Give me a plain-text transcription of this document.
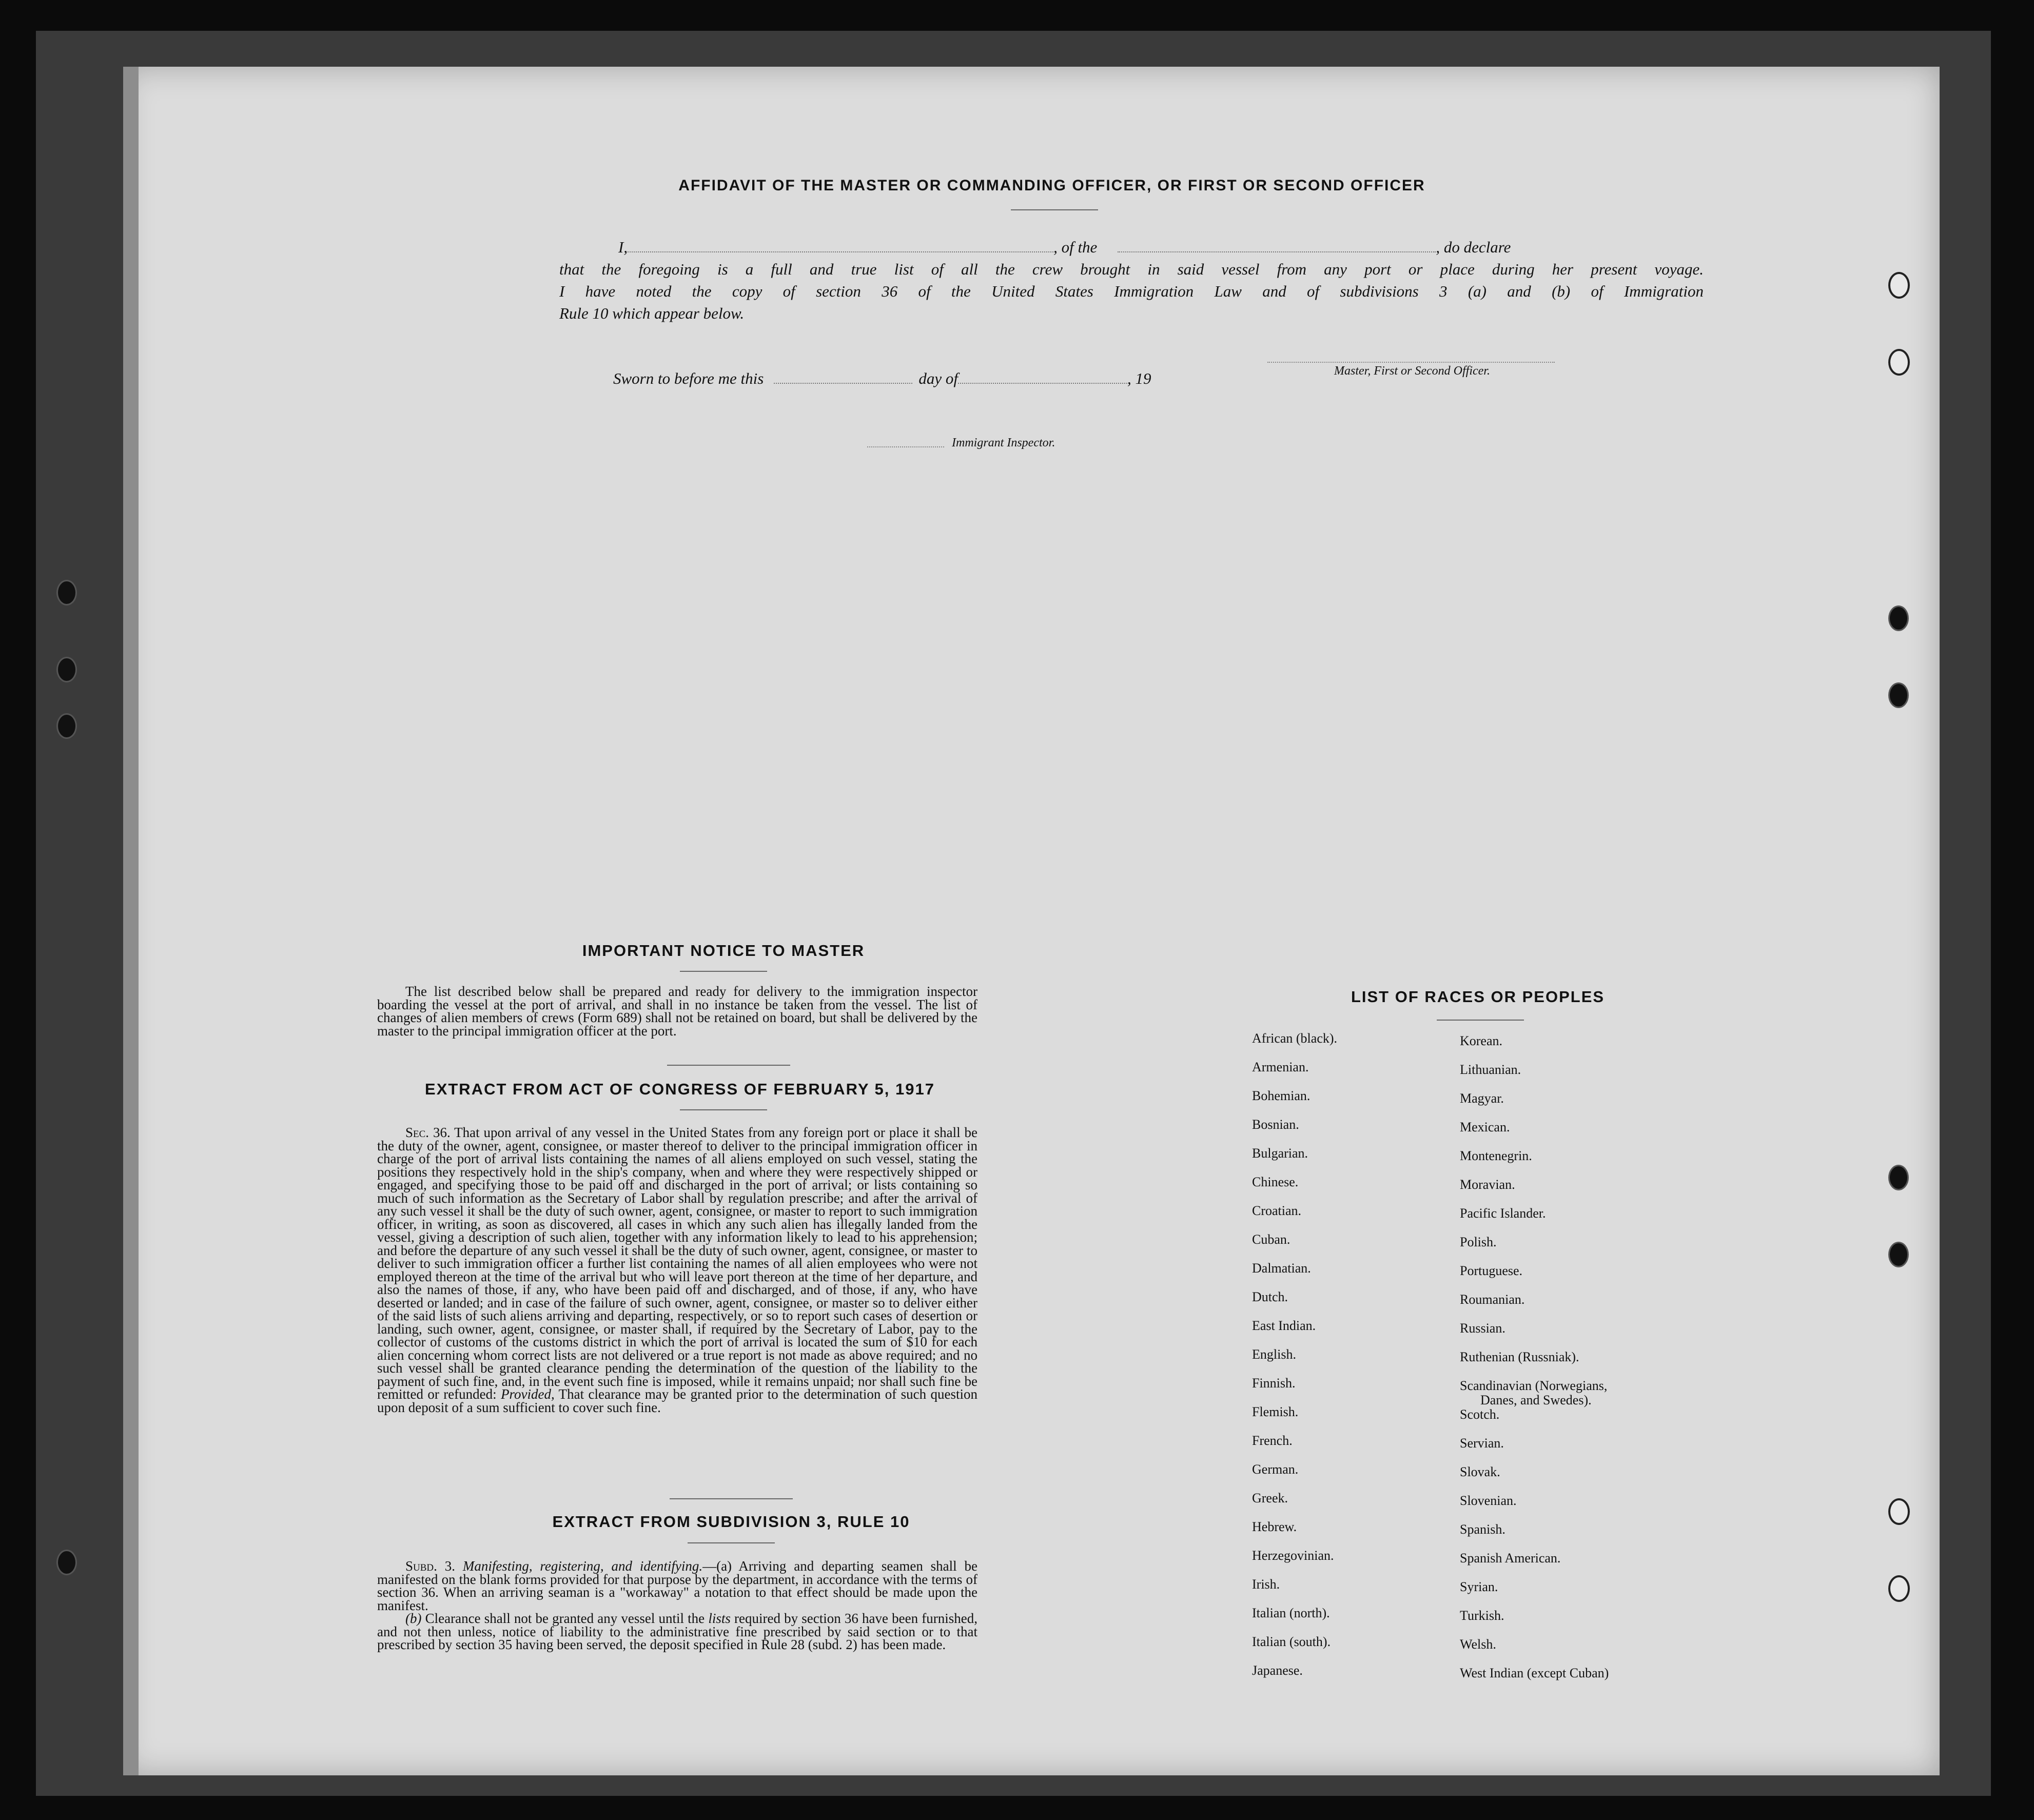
AFFIDAVIT OF THE MASTER OR COMMANDING OFFICER, OR FIRST OR SECOND OFFICER
I,	, of the	, do declare
that the foregoing is a full and true list of all the crew brought in said vessel from any port or place during her present voyage.
I have noted the copy of section 36 of the United States Immigration Law and of subdivisions 3 (a) and (b) of Immigration
Rule 10 which appear below.
Master, First or Second Officer.
Sworn to before me this	day of	, 19
Immigrant Inspector.
IMPORTANT NOTICE TO MASTER
The list described below shall be prepared and ready for delivery to the immigration inspector boarding the vessel at the port of arrival, and shall in no instance be taken from the vessel. The list of changes of alien members of crews (Form 689) shall not be retained on board, but shall be delivered by the master to the principal immigration officer at the port.
EXTRACT FROM ACT OF CONGRESS OF FEBRUARY 5, 1917
Sec. 36. That upon arrival of any vessel in the United States from any foreign port or place it shall be the duty of the owner, agent, consignee, or master thereof to deliver to the principal immigration officer in charge of the port of arrival lists containing the names of all aliens employed on such vessel, stating the positions they respectively hold in the ship's company, when and where they were respectively shipped or engaged, and specifying those to be paid off and discharged in the port of arrival; or lists containing so much of such information as the Secretary of Labor shall by regulation prescribe; and after the arrival of any such vessel it shall be the duty of such owner, agent, consignee, or master to report to such immigration officer, in writing, as soon as discovered, all cases in which any such alien has illegally landed from the vessel, giving a description of such alien, together with any information likely to lead to his apprehension; and before the departure of any such vessel it shall be the duty of such owner, agent, consignee, or master to deliver to such immigration officer a further list containing the names of all alien employees who were not employed thereon at the time of the arrival but who will leave port thereon at the time of her departure, and also the names of those, if any, who have been paid off and discharged, and of those, if any, who have deserted or landed; and in case of the failure of such owner, agent, consignee, or master so to deliver either of the said lists of such aliens arriving and departing, respectively, or so to report such cases of desertion or landing, such owner, agent, consignee, or master shall, if required by the Secretary of Labor, pay to the collector of customs of the customs district in which the port of arrival is located the sum of $10 for each alien concerning whom correct lists are not delivered or a true report is not made as above required; and no such vessel shall be granted clearance pending the determination of the question of the liability to the payment of such fine, and, in the event such fine is imposed, while it remains unpaid; nor shall such fine be remitted or refunded: Provided, That clearance may be granted prior to the determination of such question upon deposit of a sum sufficient to cover such fine.
EXTRACT FROM SUBDIVISION 3, RULE 10
Subd. 3. Manifesting, registering, and identifying.—(a) Arriving and departing seamen shall be manifested on the blank forms provided for that purpose by the department, in accordance with the terms of section 36. When an arriving seaman is a "workaway" a notation to that effect should be made upon the manifest.
(b) Clearance shall not be granted any vessel until the lists required by section 36 have been furnished, and not then unless, notice of liability to the administrative fine prescribed by said section or to that prescribed by section 35 having been served, the deposit specified in Rule 28 (subd. 2) has been made.
LIST OF RACES OR PEOPLES
African (black).
Armenian.
Bohemian.
Bosnian.
Bulgarian.
Chinese.
Croatian.
Cuban.
Dalmatian.
Dutch.
East Indian.
English.
Finnish.
Flemish.
French.
German.
Greek.
Hebrew.
Herzegovinian.
Irish.
Italian (north).
Italian (south).
Japanese.
Korean.
Lithuanian.
Magyar.
Mexican.
Montenegrin.
Moravian.
Pacific Islander.
Polish.
Portuguese.
Roumanian.
Russian.
Ruthenian (Russniak).
Scandinavian (Norwegians,
Danes, and Swedes).
Scotch.
Servian.
Slovak.
Slovenian.
Spanish.
Spanish American.
Syrian.
Turkish.
Welsh.
West Indian (except Cuban)
